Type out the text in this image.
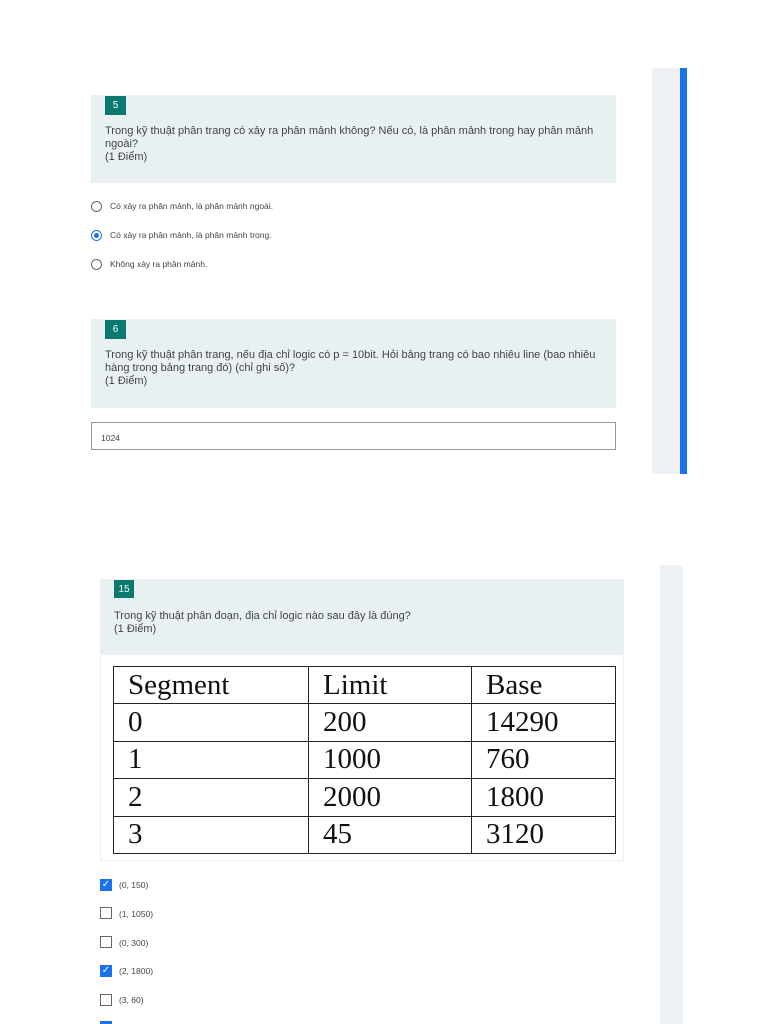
5
Trong kỹ thuật phân trang có xảy ra phân mảnh không? Nếu có, là phân mảnh trong hay phân mảnh ngoài?
(1 Điểm)
Có xảy ra phân mảnh, là phân mảnh ngoài.
Có xảy ra phân mảnh, là phân mảnh trong.
Không xảy ra phân mảnh.
6
Trong kỹ thuật phân trang, nếu địa chỉ logic có p = 10bit. Hỏi bảng trang có bao nhiêu line (bao nhiêu hàng trong bảng trang đó) (chỉ ghi số)?
(1 Điểm)
1024
15
Trong kỹ thuật phân đoạn, địa chỉ logic nào sau đây là đúng?
(1 Điểm)
Segment	Limit	Base
0	200	14290
1	1000	760
2	2000	1800
3	45	3120
✓ (0, 150)
(1, 1050)
(0, 300)
✓ (2, 1800)
(3, 60)
